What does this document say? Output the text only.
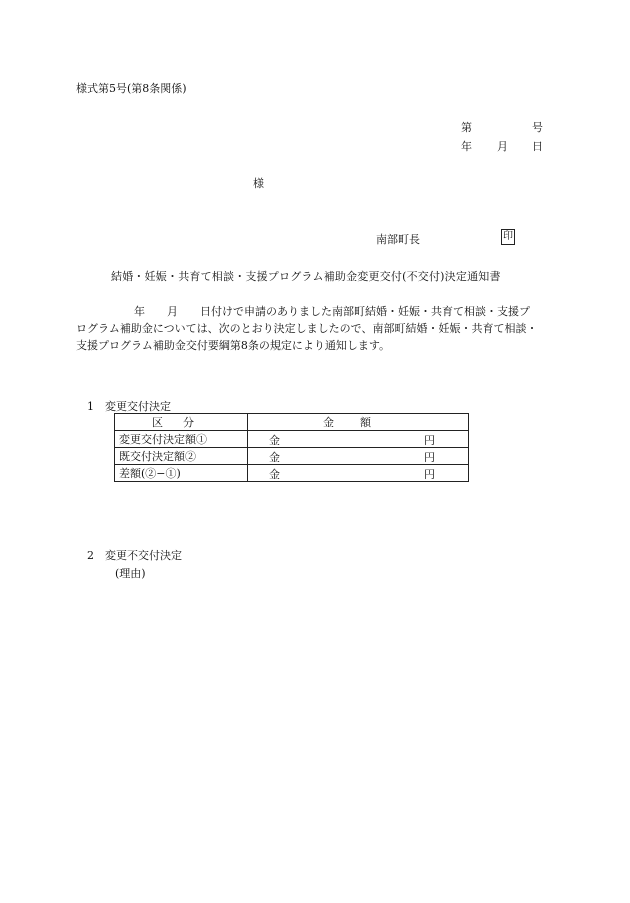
様式第5号(第8条関係)
第	号
年 月 日
様
南部町長	印
結婚・妊娠・共育て相談・支援プログラム補助金変更交付(不交付)決定通知書
年 月 日付けで申請のありました南部町結婚・妊娠・共育て相談・支援プ
ログラム補助金については、次のとおり決定しましたので、南部町結婚・妊娠・共育て相談・
支援プログラム補助金交付要綱第8条の規定により通知します。
1　変更交付決定
区分	金額
変更交付決定額①	金 円

既交付決定額②	金 円

差額(②−①)	金 円
2　変更不交付決定
(理由)
